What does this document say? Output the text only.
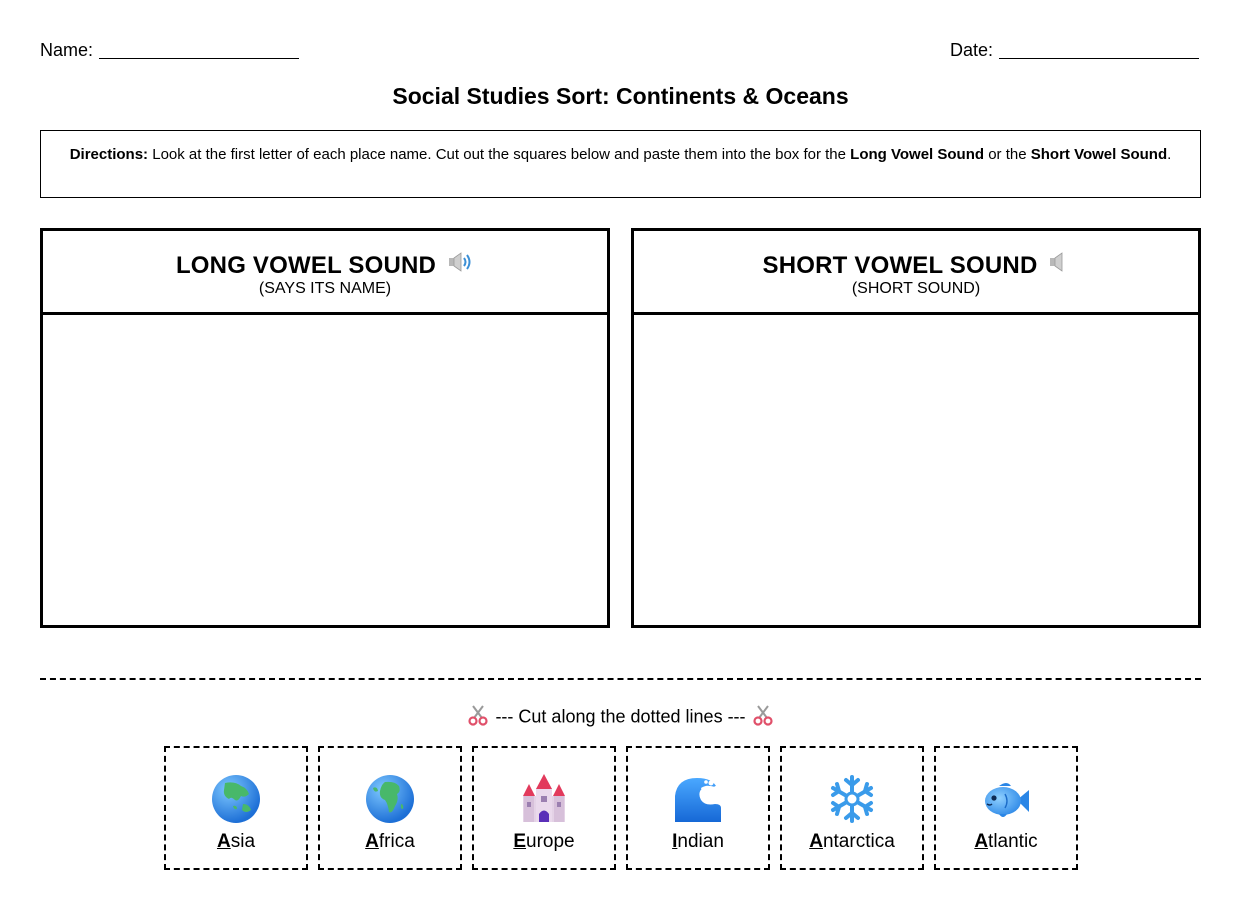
Name:	Date:
Social Studies Sort: Continents & Oceans
Directions: Look at the first letter of each place name. Cut out the squares below and paste them into the box for the Long Vowel Sound or the Short Vowel Sound.
LONG VOWEL SOUND
(SAYS ITS NAME)
SHORT VOWEL SOUND
(SHORT SOUND)
--- Cut along the dotted lines ---
Asia	Africa	Europe	Indian	Antarctica	Atlantic
